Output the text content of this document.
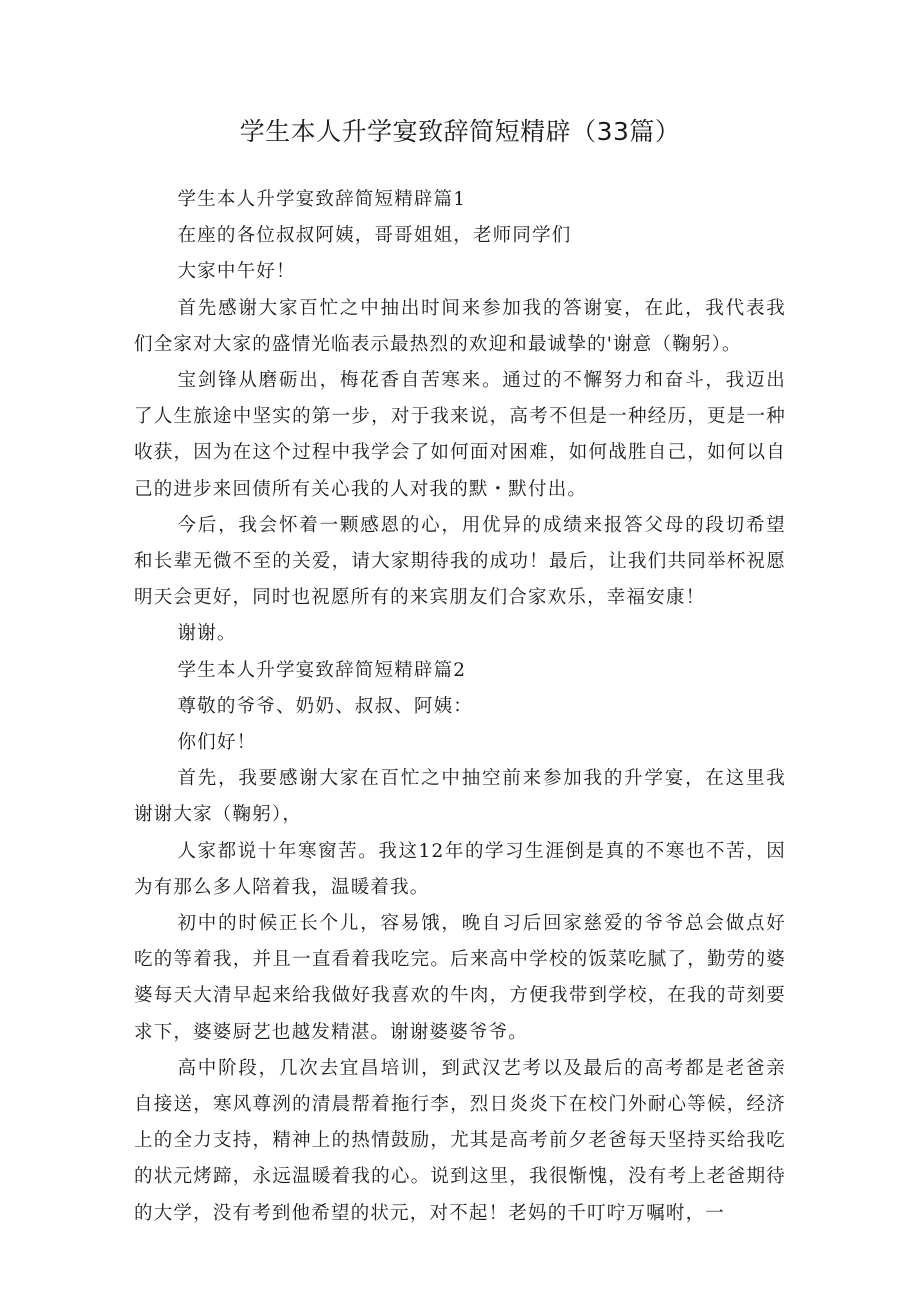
学生本人升学宴致辞简短精辟（33篇）

学生本人升学宴致辞简短精辟篇1

在座的各位叔叔阿姨，哥哥姐姐，老师同学们

大家中午好！

首先感谢大家百忙之中抽出时间来参加我的答谢宴，在此，我代表我们全家对大家的盛情光临表示最热烈的欢迎和最诚挚的'谢意（鞠躬）。

宝剑锋从磨砺出，梅花香自苦寒来。通过的不懈努力和奋斗，我迈出了人生旅途中坚实的第一步，对于我来说，高考不但是一种经历，更是一种收获，因为在这个过程中我学会了如何面对困难，如何战胜自己，如何以自己的进步来回债所有关心我的人对我的默・默付出。

今后，我会怀着一颗感恩的心，用优异的成绩来报答父母的段切希望和长辈无微不至的关爱，请大家期待我的成功！最后，让我们共同举杯祝愿明天会更好，同时也祝愿所有的来宾朋友们合家欢乐，幸福安康！

谢谢。

学生本人升学宴致辞简短精辟篇2

尊敬的爷爷、奶奶、叔叔、阿姨：

你们好！

首先，我要感谢大家在百忙之中抽空前来参加我的升学宴，在这里我谢谢大家（鞠躬），

人家都说十年寒窗苦。我这12年的学习生涯倒是真的不寒也不苦，因为有那么多人陪着我，温暖着我。

初中的时候正长个儿，容易饿，晚自习后回家慈爱的爷爷总会做点好吃的等着我，并且一直看着我吃完。后来高中学校的饭菜吃腻了，勤劳的婆婆每天大清早起来给我做好我喜欢的牛肉，方便我带到学校，在我的苛刻要求下，婆婆厨艺也越发精湛。谢谢婆婆爷爷。

高中阶段，几次去宜昌培训，到武汉艺考以及最后的高考都是老爸亲自接送，寒风尊洌的清晨帮着拖行李，烈日炎炎下在校门外耐心等候，经济上的全力支持，精神上的热情鼓励，尤其是高考前夕老爸每天坚持买给我吃的状元烤蹄，永远温暖着我的心。说到这里，我很惭愧，没有考上老爸期待的大学，没有考到他希望的状元，对不起！老妈的千叮咛万嘱咐，一
